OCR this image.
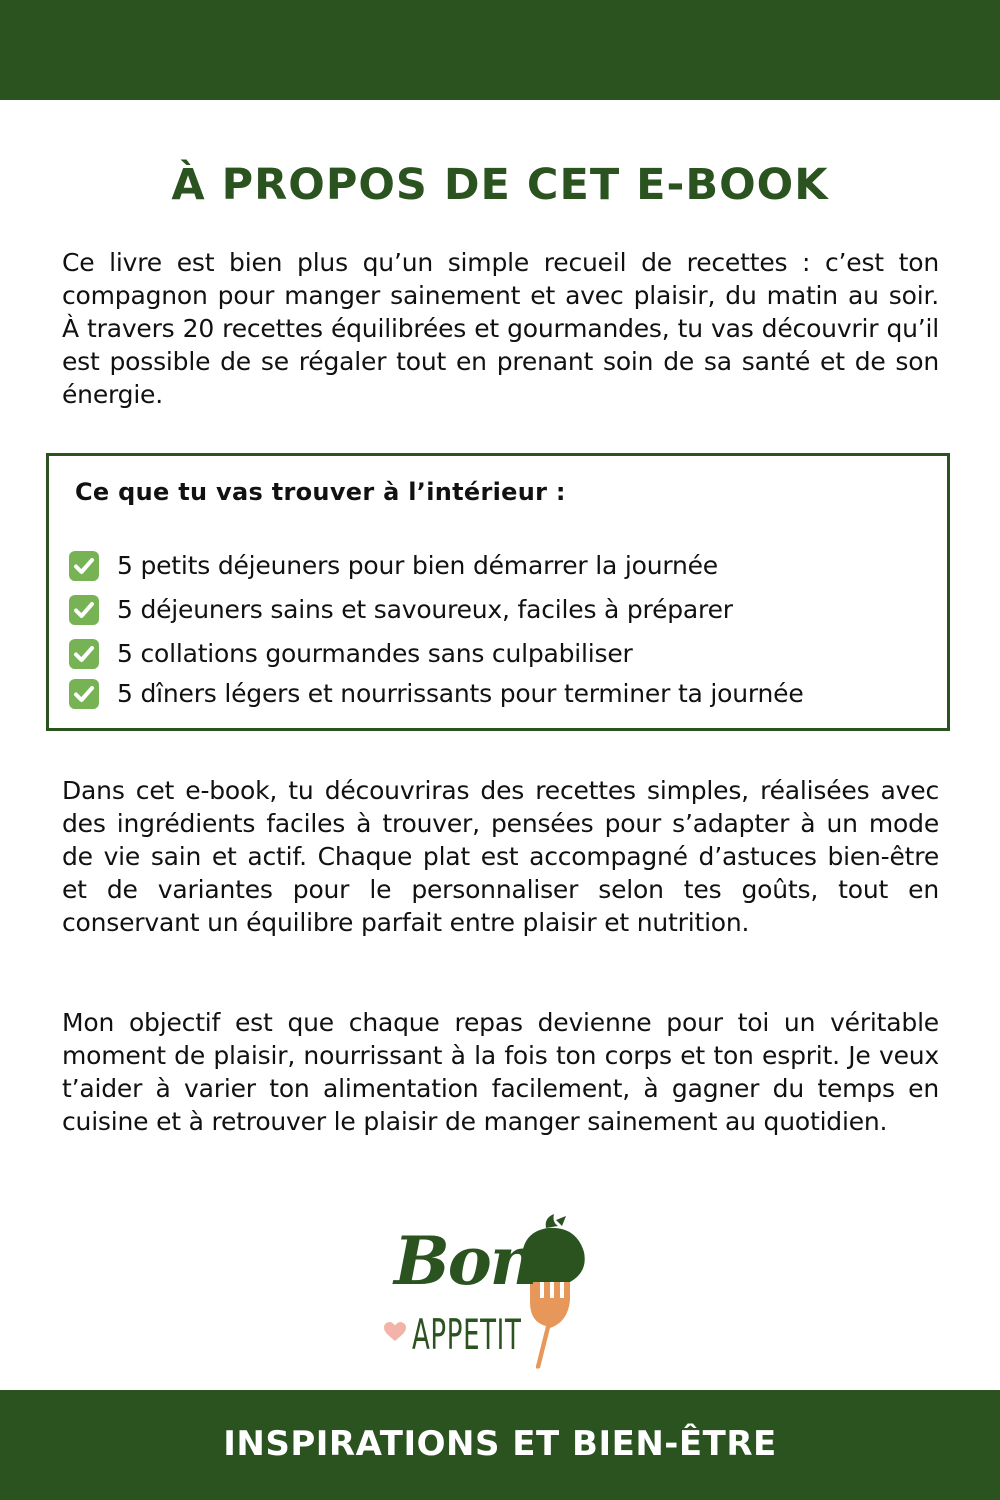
À PROPOS DE CET E-BOOK

Ce livre est bien plus qu’un simple recueil de recettes : c’est ton compagnon pour manger sainement et avec plaisir, du matin au soir. À travers 20 recettes équilibrées et gourmandes, tu vas découvrir qu’il est possible de se régaler tout en prenant soin de sa santé et de son énergie.

Ce que tu vas trouver à l’intérieur :

5 petits déjeuners pour bien démarrer la journée
5 déjeuners sains et savoureux, faciles à préparer
5 collations gourmandes sans culpabiliser
5 dîners légers et nourrissants pour terminer ta journée

Dans cet e-book, tu découvriras des recettes simples, réalisées avec des ingrédients faciles à trouver, pensées pour s’adapter à un mode de vie sain et actif. Chaque plat est accompagné d’astuces bien-être et de variantes pour le personnaliser selon tes goûts, tout en conservant un équilibre parfait entre plaisir et nutrition.

Mon objectif est que chaque repas devienne pour toi un véritable moment de plaisir, nourrissant à la fois ton corps et ton esprit. Je veux t’aider à varier ton alimentation facilement, à gagner du temps en cuisine et à retrouver le plaisir de manger sainement au quotidien.

Bon

APPETIT

INSPIRATIONS ET BIEN-ÊTRE
